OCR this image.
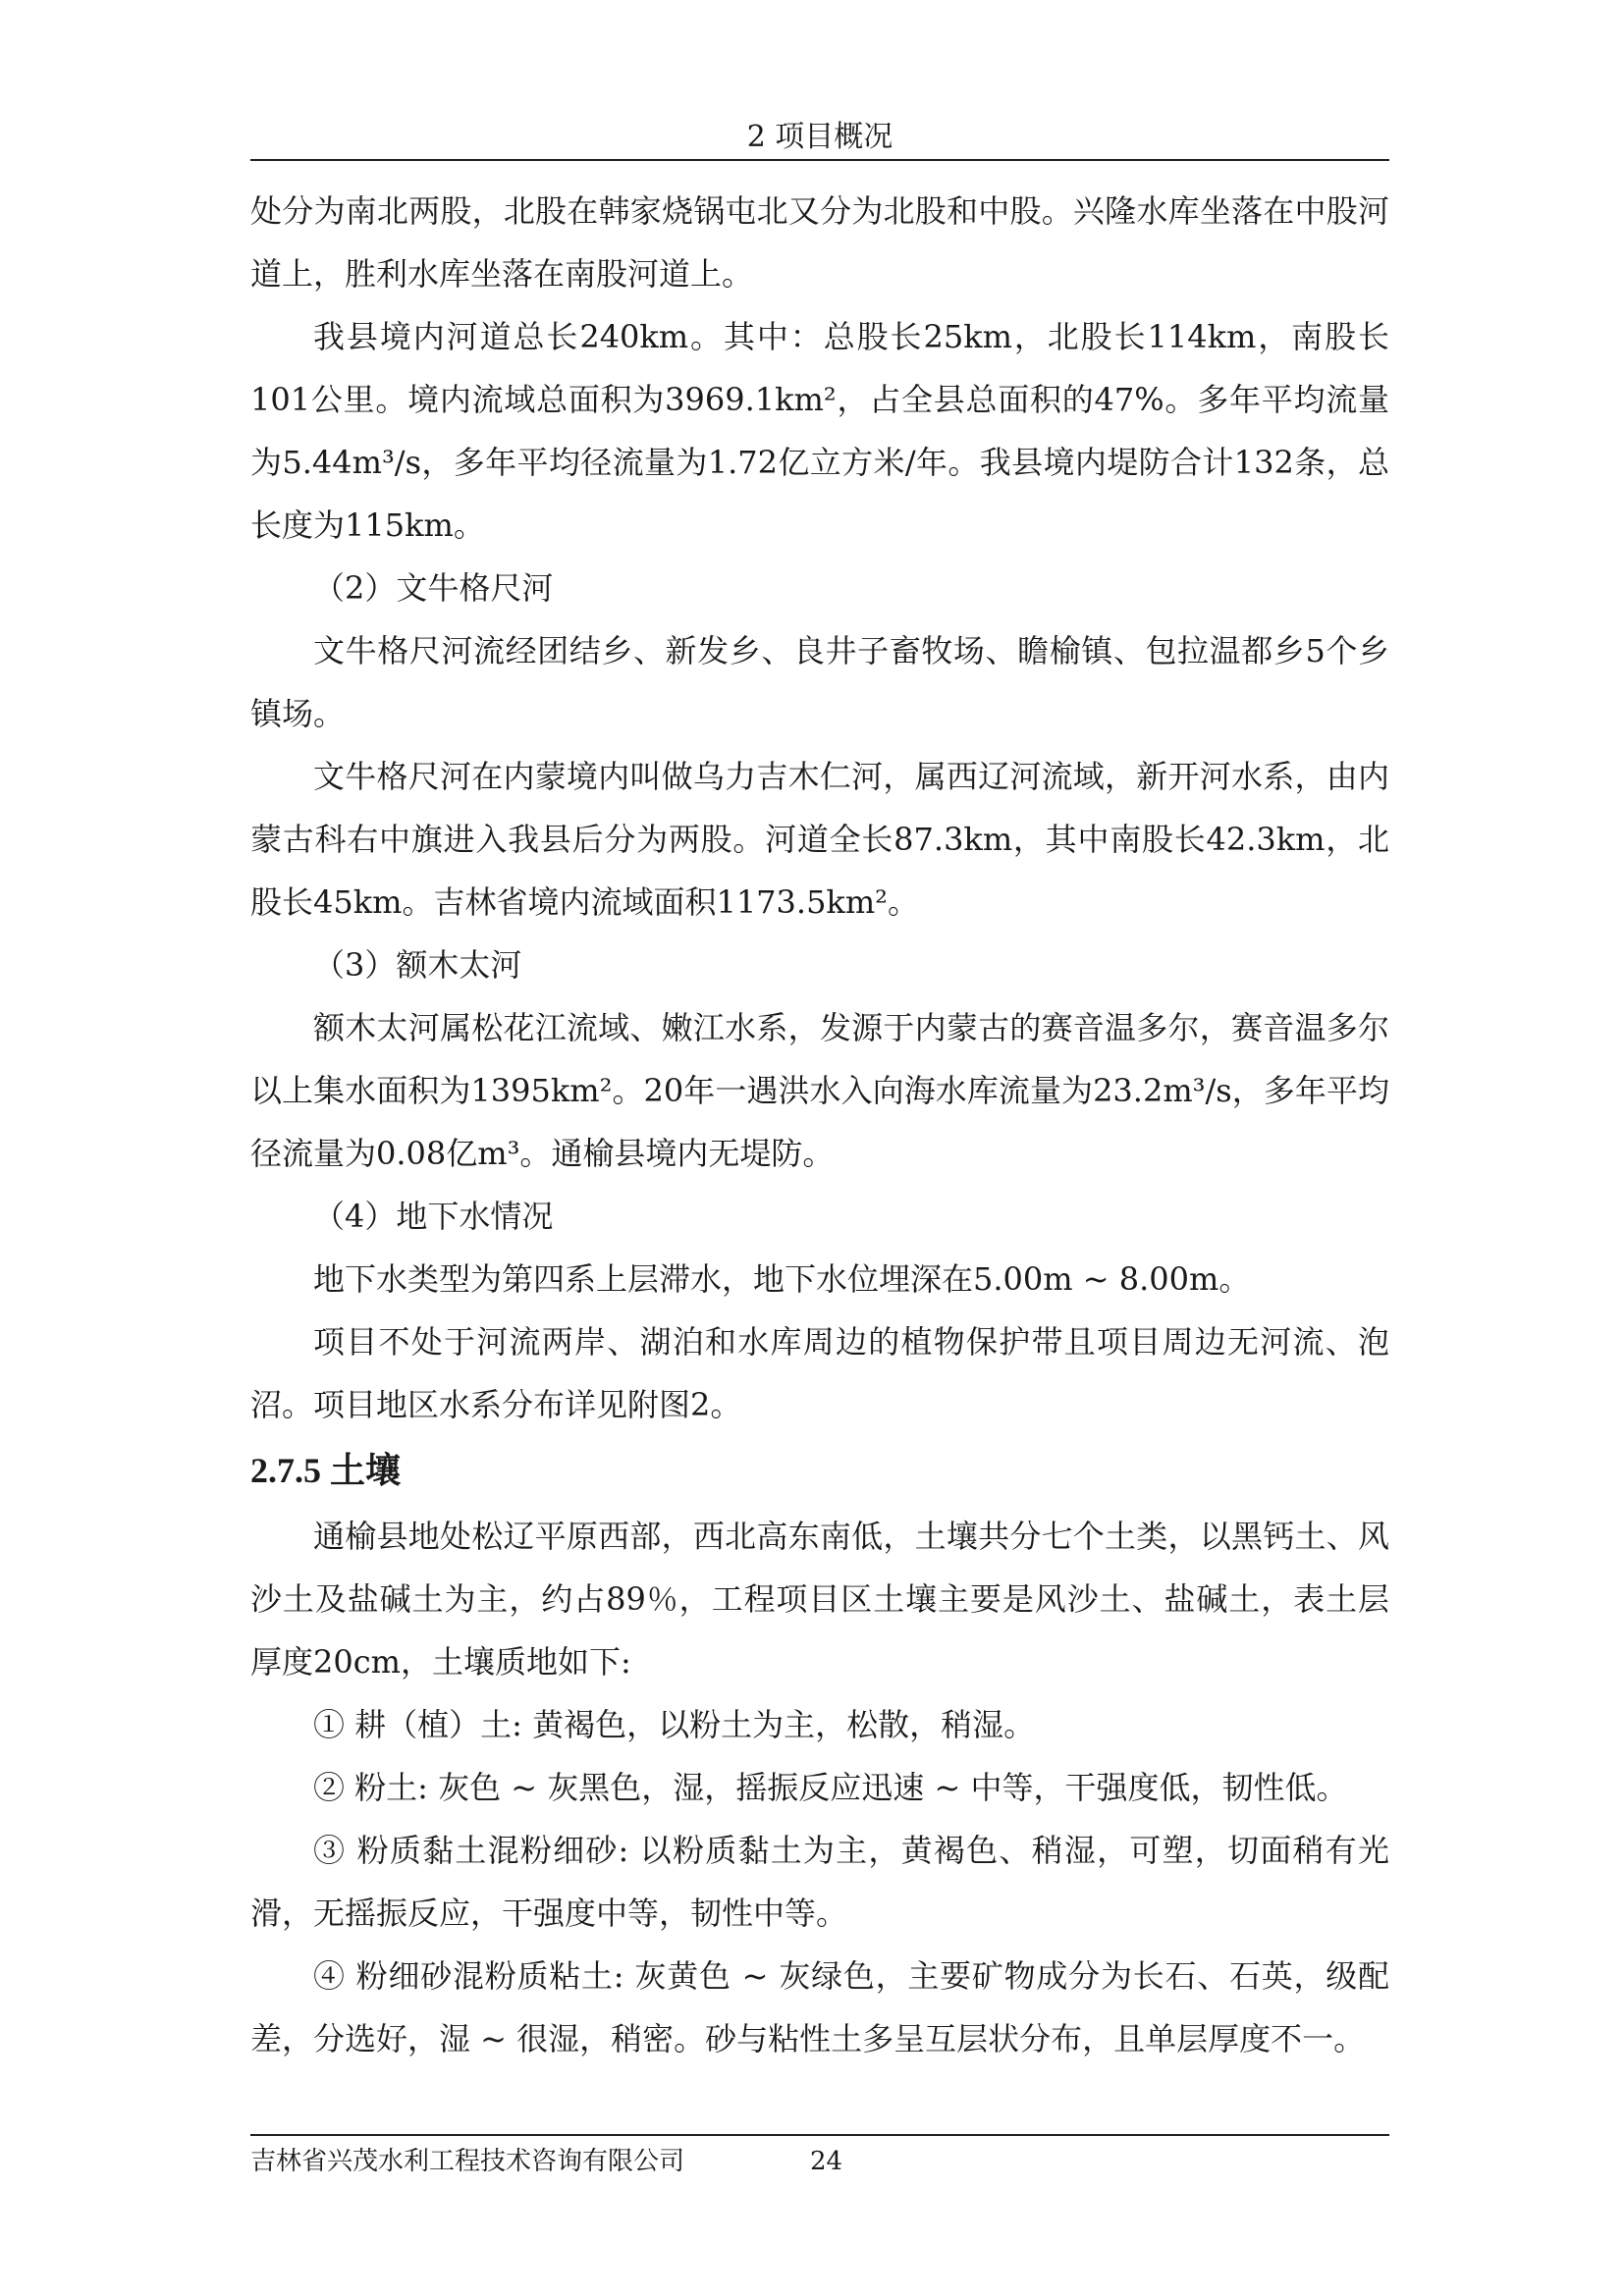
2 项目概况

处分为南北两股，北股在韩家烧锅屯北又分为北股和中股。兴隆水库坐落在中股河道上，胜利水库坐落在南股河道上。

我县境内河道总长240km。其中：总股长25km，北股长114km，南股长101公里。境内流域总面积为3969.1km²，占全县总面积的47%。多年平均流量为5.44m³/s，多年平均径流量为1.72亿立方米/年。我县境内堤防合计132条，总长度为115km。

（2）文牛格尺河

文牛格尺河流经团结乡、新发乡、良井子畜牧场、瞻榆镇、包拉温都乡5个乡镇场。

文牛格尺河在内蒙境内叫做乌力吉木仁河，属西辽河流域，新开河水系，由内蒙古科右中旗进入我县后分为两股。河道全长87.3km，其中南股长42.3km，北股长45km。吉林省境内流域面积1173.5km²。

（3）额木太河

额木太河属松花江流域、嫩江水系，发源于内蒙古的赛音温多尔，赛音温多尔以上集水面积为1395km²。20年一遇洪水入向海水库流量为23.2m³/s，多年平均径流量为0.08亿m³。通榆县境内无堤防。

（4）地下水情况

地下水类型为第四系上层滞水，地下水位埋深在5.00m ~ 8.00m。

项目不处于河流两岸、湖泊和水库周边的植物保护带且项目周边无河流、泡沼。项目地区水系分布详见附图2。

2.7.5 土壤

通榆县地处松辽平原西部，西北高东南低，土壤共分七个土类，以黑钙土、风沙土及盐碱土为主，约占89％，工程项目区土壤主要是风沙土、盐碱土，表土层厚度20cm，土壤质地如下:

① 耕（植）土: 黄褐色，以粉土为主，松散，稍湿。

② 粉土: 灰色 ~ 灰黑色，湿，摇振反应迅速 ~ 中等，干强度低，韧性低。

③ 粉质黏土混粉细砂: 以粉质黏土为主，黄褐色、稍湿，可塑，切面稍有光滑，无摇振反应，干强度中等，韧性中等。

④ 粉细砂混粉质粘土: 灰黄色 ~ 灰绿色，主要矿物成分为长石、石英，级配差，分选好，湿 ~ 很湿，稍密。砂与粘性土多呈互层状分布，且单层厚度不一。

吉林省兴茂水利工程技术咨询有限公司	24
